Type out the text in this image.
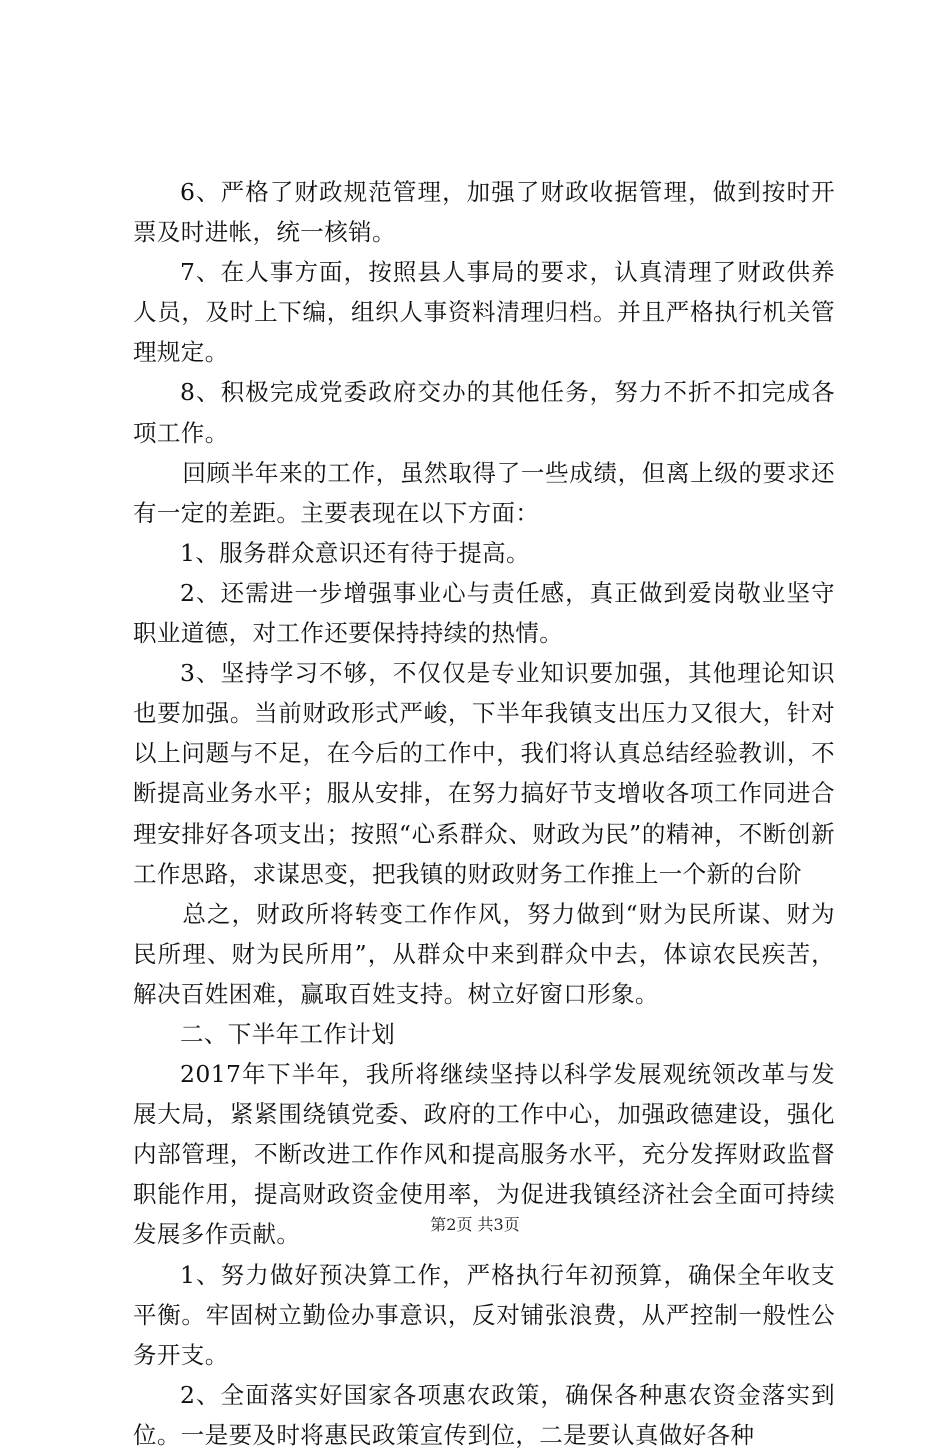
6、严格了财政规范管理，加强了财政收据管理，做到按时开票及时进帐，统一核销。

7、在人事方面，按照县人事局的要求，认真清理了财政供养人员，及时上下编，组织人事资料清理归档。并且严格执行机关管理规定。

8、积极完成党委政府交办的其他任务，努力不折不扣完成各项工作。

回顾半年来的工作，虽然取得了一些成绩，但离上级的要求还有一定的差距。主要表现在以下方面：

1、服务群众意识还有待于提高。

2、还需进一步增强事业心与责任感，真正做到爱岗敬业坚守职业道德，对工作还要保持持续的热情。

3、坚持学习不够，不仅仅是专业知识要加强，其他理论知识也要加强。当前财政形式严峻，下半年我镇支出压力又很大，针对以上问题与不足，在今后的工作中，我们将认真总结经验教训，不断提高业务水平；服从安排，在努力搞好节支增收各项工作同进合理安排好各项支出；按照“心系群众、财政为民”的精神，不断创新工作思路，求谋思变，把我镇的财政财务工作推上一个新的台阶

总之，财政所将转变工作作风，努力做到“财为民所谋、财为民所理、财为民所用”，从群众中来到群众中去，体谅农民疾苦，解决百姓困难，赢取百姓支持。树立好窗口形象。

二、下半年工作计划

2017年下半年，我所将继续坚持以科学发展观统领改革与发展大局，紧紧围绕镇党委、政府的工作中心，加强政德建设，强化内部管理，不断改进工作作风和提高服务水平，充分发挥财政监督职能作用，提高财政资金使用率，为促进我镇经济社会全面可持续发展多作贡献。

1、努力做好预决算工作，严格执行年初预算，确保全年收支平衡。牢固树立勤俭办事意识，反对铺张浪费，从严控制一般性公务开支。

2、全面落实好国家各项惠农政策，确保各种惠农资金落实到位。一是要及时将惠民政策宣传到位，二是要认真做好各种

第2页 共3页
